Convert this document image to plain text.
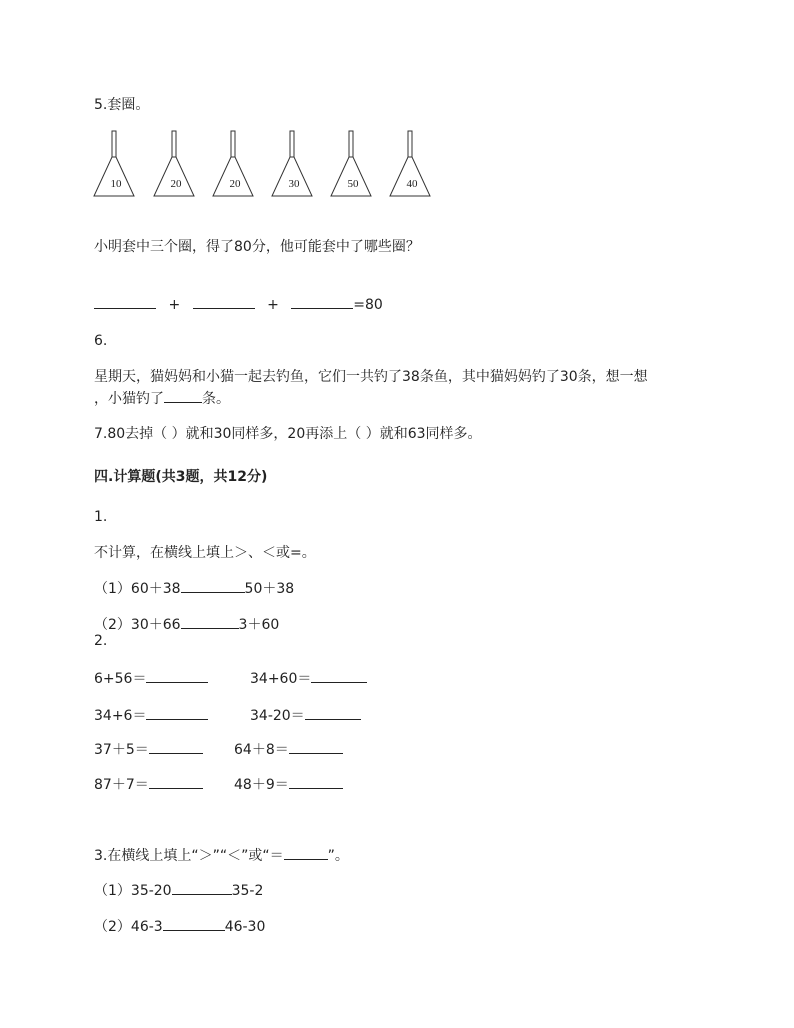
5.套圈。
10	20	20	30	50	40
小明套中三个圈，得了80分，他可能套中了哪些圈？
+	+	=80
6.
星期天，猫妈妈和小猫一起去钓鱼，它们一共钓了38条鱼，其中猫妈妈钓了30条，想一想
，小猫钓了	条。
7.80去掉（ ）就和30同样多，20再添上（ ）就和63同样多。
四.计算题(共3题，共12分)
1.
不计算，在横线上填上＞、＜或=。
（1）60＋38	50＋38
（2）30＋66	3＋60
2.
6+56＝	34+60＝
34+6＝	34-20＝
37＋5＝	64＋8＝
87＋7＝	48＋9＝
3.在横线上填上“＞”“＜”或“＝	”。
（1）35-20	35-2
（2）46-3	46-30
